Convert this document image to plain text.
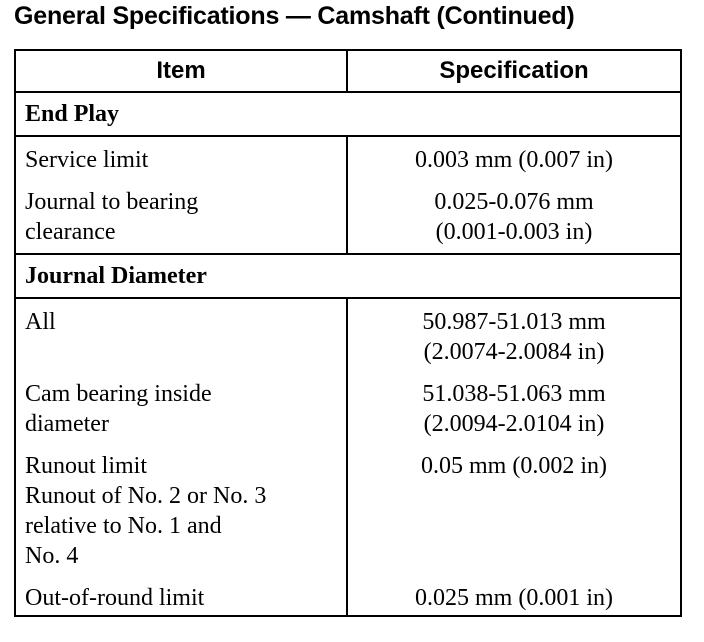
General Specifications — Camshaft (Continued)
Item	Specification
End Play	

Service limit	0.003 mm (0.007 in)

Journal to bearing
clearance	0.025-0.076 mm
(0.001-0.003 in)

Journal Diameter	

All	50.987-51.013 mm
(2.0074-2.0084 in)

Cam bearing inside
diameter	51.038-51.063 mm
(2.0094-2.0104 in)

Runout limit
Runout of No. 2 or No. 3
relative to No. 1 and
No. 4	0.05 mm (0.002 in)

Out-of-round limit	0.025 mm (0.001 in)
